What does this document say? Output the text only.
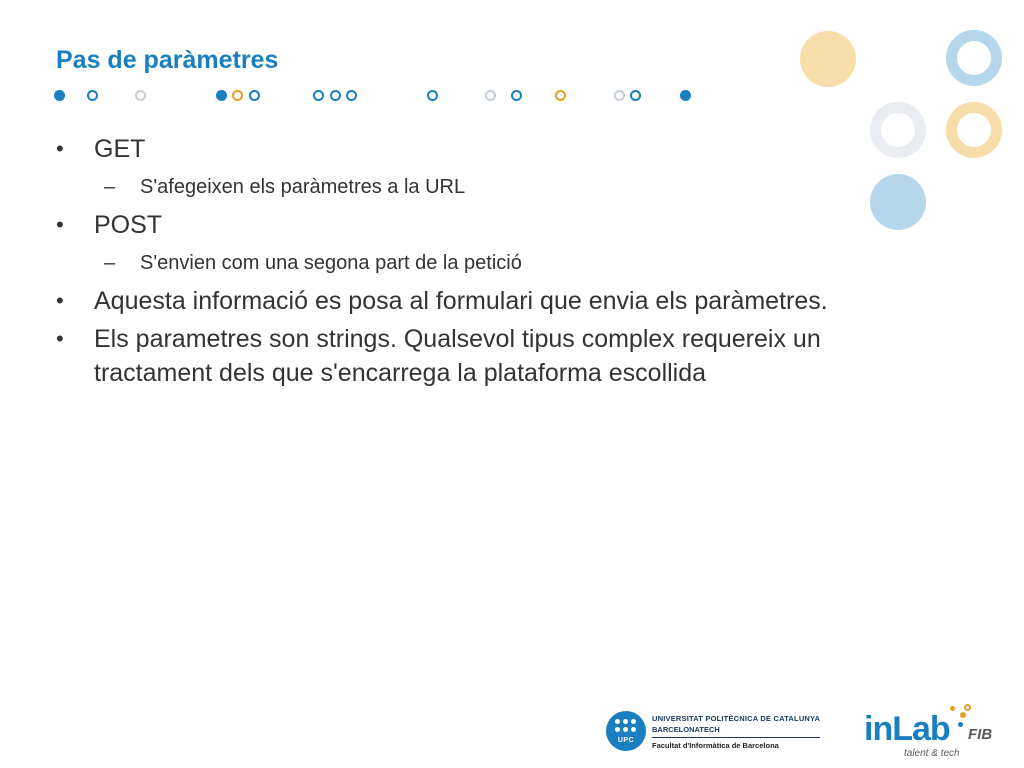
Pas de paràmetres
• GET
– S'afegeixen els paràmetres a la URL
• POST
– S'envien com una segona part de la petició
• Aquesta informació es posa al formulari que envia els paràmetres.
• Els parametres son strings. Qualsevol tipus complex requereix un tractament dels que s'encarrega la plataforma escollida
UPC
UNIVERSITAT POLITÈCNICA DE CATALUNYA
BARCELONATECH
Facultat d'Informàtica de Barcelona	inLab FIB
talent & tech
